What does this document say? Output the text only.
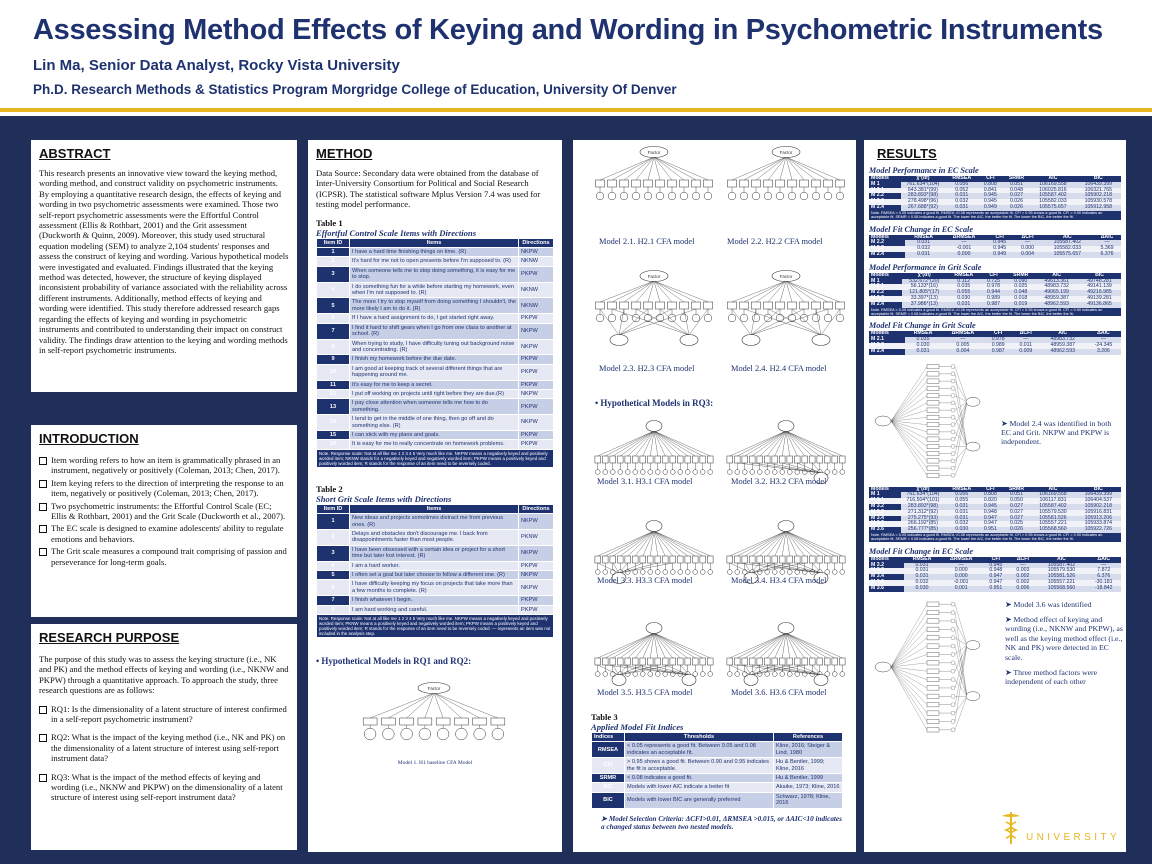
Assessing Method Effects of Keying and Wording in Psychometric Instruments
Lin Ma, Senior Data Analyst, Rocky Vista University
Ph.D. Research Methods & Statistics Program Morgridge College of Education, University Of Denver
ABSTRACT

This research presents an innovative view toward the keying method, wording method, and construct validity on psychometric instruments. By employing a quantitative research design, the effects of keying and wording in two psychometric assessments were examined. Those two self-report psychometric assessments were the Effortful Control assessment (Ellis & Rothbart, 2001) and the Grit assessment (Duckworth & Quinn, 2009). Moreover, this study used structural equation modeling (SEM) to analyze 2,104 students' responses and assess the construct of keying and wording. Various hypothetical models were investigated and evaluated. Findings illustrated that the keying method was detected, however, the structure of keying displayed inconsistent probability of variance associated with the reliability across different instruments. Additionally, method effects of keying and wording were identified. This study therefore addressed research gaps regarding the effects of keying and wording in psychometric instruments and contributed to understanding their impact on construct validity. The findings draw attention to the keying and wording methods in self-report psychometric instruments.

INTRODUCTION
Item wording refers to how an item is grammatically phrased in an instrument, negatively or positively (Coleman, 2013; Chen, 2017).
Item keying refers to the direction of interpreting the response to an item, negatively or positively (Coleman, 2013; Chen, 2017).
Two psychometric instruments: the Effortful Control Scale (EC; Ellis & Rothbart, 2001) and the Grit Scale (Duckworth et al., 2007).
The EC scale is designed to examine adolescents' ability to regulate emotions and behaviors.
The Grit scale measures a compound trait comprising of passion and perseverance for long-term goals.
RESEARCH PURPOSE

The purpose of this study was to assess the keying structure (i.e., NK and PK) and the method effects of keying and wording (i.e., NKNW and PKPW) through a quantitative approach. To approach the study, three research questions are as follows:

RQ1: Is the dimensionality of a latent structure of interest confirmed in a self-report psychometric instrument?
RQ2: What is the impact of the keying method (i.e., NK and PK) on the dimensionality of a latent structure of interest using self-report instrument data?
RQ3: What is the impact of the method effects of keying and wording (i.e., NKNW and PKPW) on the dimensionality of a latent structure of interest using self-report instrument data?
METHOD

Data Source: Secondary data were obtained from the database of Inter-University Consortium for Political and Social Research (ICPSR). The statistical software Mplus Version 7.4 was used for testing model performance.

Table 1
Effortful Control Scale Items with Directions
Item ID	Items	Directions
1	I have a hard time finishing things on time. (R)	NKPW
2	It's hard for me not to open presents before I'm supposed to. (R)	NKNW
3	When someone tells me to stop doing something, it is easy for me to stop.	PKPW
4	I do something fun for a while before starting my homework, even when I'm not supposed to. (R)	NKNW
5	The more I try to stop myself from doing something I shouldn't, the more likely I am to do it. (R)	NKNW
6	If I have a hard assignment to do, I get started right away.	PKPW
7	I find it hard to shift gears when I go from one class to another at school. (R)	NKPW
8	When trying to study, I have difficulty tuning out background noise and concentrating. (R)	NKPW
9	I finish my homework before the due date.	PKPW
10	I am good at keeping track of several different things that are happening around me.	PKPW
11	It's easy for me to keep a secret.	PKPW
12	I put off working on projects until right before they are due.(R)	NKPW
13	I pay close attention when someone tells me how to do something.	PKPW
14	I tend to get in the middle of one thing, then go off and do something else. (R)	NKPW
15	I can stick with my plans and goals.	PKPW
16	It is easy for me to really concentrate on homework problems.	PKPW
Note. Response scale: Not at all like me 1 2 3 4 5 Very much like me. NKPW means a negatively keyed and positively worded item; NKNW stands for a negatively keyed and negatively worded item; PKPW means a positively keyed and positively worded item; R stands for the response of an item need to be reversely coded.		
Table 2
Short Grit Scale Items with Directions
Item ID	Items	Directions
1	New ideas and projects sometimes distract me from previous ones. (R)	NKPW
2	Delays and obstacles don't discourage me. I back from disappointments faster than most people.	PKNW
3	I have been obsessed with a certain idea or project for a short time but later lost interest. (R)	NKPW
4	I am a hard worker.	PKPW
5	I often set a goal but later choose to follow a different one. (R)	NKPW
6	I have difficulty keeping my focus on projects that take more than a few months to complete. (R)	NKPW
7	I finish whatever I begin.	PKPW
8	I am hard working and careful.	PKPW
Note. Response scale: Not at all like me 1 2 3 4 5 Very much like me. NKPW means a negatively keyed and positively worded item; PKNW means a positively keyed and negatively worded item; PKPW means a positively keyed and positively worded item; R stands for the response of an item need to be reversely coded. — represents an item was not included in the analysis step.		
• Hypothetical Models in RQ1 and RQ2:
Factor
Model 1. H1 baseline CFA Model
Factor	Factor
Factor	Factor
Model 2.1. H2.1 CFA model	Model 2.2. H2.2 CFA model
Model 2.3. H2.3 CFA model	Model 2.4. H2.4 CFA model
• Hypothetical Models in RQ3:
Model 3.1. H3.1 CFA model	Model 3.2. H3.2 CFA model
Model 3.3. H3.3 CFA model	Model 3.4. H3.4 CFA model
Model 3.5. H3.5 CFA model	Model 3.6. H3.6 CFA model
Table 3
Applied Model Fit Indices
Indices	Thresholds	References
RMSEA	< 0.05 represents a good fit. Between 0.05 and 0.08 indicates an acceptable fit.	Kline, 2016; Steiger & Lind, 1980
CFI	> 0.95 shows a good fit. Between 0.90 and 0.95 indicates the fit is acceptable.	Hu & Bentler, 1999; Kline, 2016
SRMR	< 0.08 indicates a good fit.	Hu & Bentler, 1999
AIC	Models with lower AIC indicate a better fit	Akaike, 1973; Kline, 2016
BIC	Models with lower BIC are generally preferred	Schwarz, 1978; Kline, 2016
➤ Model Selection Criteria: ΔCFI>0.01, ΔRMSEA >0.015, or ΔAIC<10 indicates a changed status between two nested models.
RESULTS
Model Performance in EC Scale
Models	χ²(df)	RMSEA	CFI	SRMR	AIC	BIC
M 1	761.634*(104)	0.056	0.808	0.051	106169.558	106439.399
M 2.1	643.381*(99)	0.052	0.841	0.048	106025.816	106321.765
M 2.2	283.893*(98)	0.031	0.945	0.027	105587.402	105902.218
M 2.3	278.498*(96)	0.032	0.945	0.026	105582.033	105930.578
M 2.4	267.688*(92)	0.031	0.949	0.026	105575.657	105912.958
Note. RMSEA < 0.05 indicates a good fit. RMSEA <0.08 represents an acceptable fit. CFI > 0.95 shows a good fit. CFI > 0.90 indicates an acceptable fit. SRMR < 0.08 indicates a good fit. The lower the AIC, the better the fit. The lower the BIC, the better the fit.						
Model Fit Change in EC Scale
Models	RMSEA	ΔRMSEA	CFI	ΔCFI	AIC	ΔAIC
M 2.2	0.031	—	0.945	—	105587.402	—
M 2.3	0.032	-0.001	0.945	0.000	105582.033	5.369
M 2.4	0.031	0.000	0.949	0.004	105575.657	6.376
Model Performance in Grit Scale
Models	χ²(df)	RMSEA	CFI	SRMR	AIC	BIC
M 1	532.672*(20)	0.112	0.725	0.090	49613.361	49748.281
M 2.1	56.133*(16)	0.035	0.978	0.025	48983.732	49141.139
M 2.2	121.805*(17)	0.055	0.944	0.048	49065.199	49216.985
M 2.3	33.397*(13)	0.030	0.989	0.018	48959.387	49139.281
M 2.4	37.986*(13)	0.031	0.987	0.019	48962.593	49136.865
Note. RMSEA < 0.05 indicates a good fit. RMSEA <0.08 represents an acceptable fit. CFI > 0.95 shows a good fit. CFI > 0.90 indicates an acceptable fit. SRMR < 0.08 indicates a good fit. The lower the AIC, the better the fit. The lower the BIC, the better the fit.						
Model Fit Change in Grit Scale
Models	RMSEA	ΔRMSEA	CFI	ΔCFI	AIC	ΔAIC
M 2.1	0.035	—	0.978	—	48983.732	—
M 2.3	0.030	0.005	0.989	0.011	48959.387	-24.345
M 2.4	0.031	0.004	0.987	0.009	48962.593	3.206
➤ Model 2.4 was identified in both EC and Grit. NKPW and PKPW is independent.
Models	χ²(df)	RMSEA	CFI	SRMR	AIC	BIC
M 1	761.634*(104)	0.056	0.808	0.051	106169.558	106439.399
M 3.1	716.504*(101)	0.055	0.820	0.050	106117.831	106404.537
M 3.2	283.893*(98)	0.031	0.945	0.027	105587.402	105902.218
M 3.3	271.312*(92)	0.031	0.948	0.027	105579.530	105916.831
M 3.4	275.275*(93)	0.031	0.947	0.027	105581.526	105913.206
M 3.5	266.192*(85)	0.032	0.947	0.025	105557.221	105933.874
M 3.6	256.777*(85)	0.030	0.951	0.026	105568.560	105922.726
Note. RMSEA < 0.05 indicates a good fit. RMSEA <0.08 represents an acceptable fit. CFI > 0.95 shows a good fit. CFI > 0.90 indicates an acceptable fit. SRMR < 0.08 indicates a good fit. The lower the AIC, the better the fit. The lower the BIC, the better the fit.						
Model Fit Change in EC Scale
Models	RMSEA	ΔRMSEA	CFI	ΔCFI	AIC	ΔAIC
M 3.2	0.031	—	0.945	—	105587.402	—
M 3.3	0.031	0.000	0.948	0.003	105579.530	7.872
M 3.4	0.031	0.000	0.947	0.002	105581.526	6.376
M 3.5	0.032	-0.001	0.947	0.002	105557.221	-30.181
M 3.6	0.030	0.001	0.951	0.006	105568.560	-18.842
➤ Model 3.6 was identified
➤ Method effect of keying and wording (i.e., NKNW and PKPW), as well as the keying method effect (i.e., NK and PK) were detected in EC scale.
➤ Three method factors were independent of each other
ROCKY VISTA
UNIVERSITY
